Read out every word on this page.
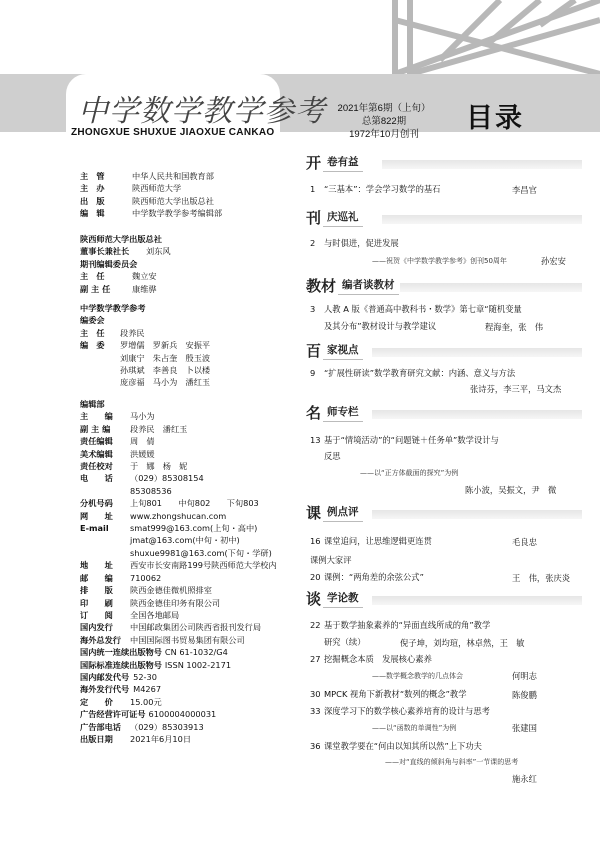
中学数学教学参考
ZHONGXUE SHUXUE JIAOXUE CANKAO
2021年第6期（上旬）
总第822期
1972年10月创刊
目录
主　管	中华人民共和国教育部
主　办	陕西师范大学
出　版	陕西师范大学出版总社
编　辑	中学数学教学参考编辑部
陕西师范大学出版总社
董事长兼社长	刘东风
期刊编辑委员会
主　任	魏立安
副 主 任	康维骅
中学数学教学参考
编委会
主　任	段养民
编　委	罗增儒　罗新兵　安振平
刘康宁　朱占奎　殷玉波
孙琪斌　李善良　卜以楼
庞彦福　马小为　潘红玉
编辑部
主　　编	马小为
副 主 编	段养民　潘红玉
责任编辑	周　倩
美术编辑	洪媛媛
责任校对	于　娜　杨　妮
电　　话	（029）85308154
85308536
分机号码	上旬801　　中旬802　　下旬803
网　　址	www.zhongshucan.com
E-mail	smat999@163.com(上旬・高中)
jmat@163.com(中旬・初中)
shuxue9981@163.com(下旬・学研)
地　　址	西安市长安南路199号陕西师范大学校内
邮　　编	710062
排　　版	陕西金德佳微机照排室
印　　刷	陕西金德佳印务有限公司
订　　阅	全国各地邮局
国内发行	中国邮政集团公司陕西省报刊发行局
海外总发行	中国国际图书贸易集团有限公司
国内统一连续出版物号 CN 61-1032/G4
国际标准连续出版物号 ISSN 1002-2171
国内邮发代号 52-30
海外发行代号 M4267
定　　价	15.00元
广告经营许可证号 6100004000031
广告部电话	（029）85303913
出版日期	2021年6月10日
开 卷有益
刊 庆巡礼
教材 编者谈教材
百 家视点
名 师专栏
课 例点评
谈 学论教
1 “三基本”：学会学习数学的基石	李昌官
2 与时俱进，促进发展
——祝贺《中学数学教学参考》创刊50周年	孙宏安
3 人教 A 版《普通高中教科书・数学》第七章“随机变量
及其分布”教材设计与教学建议	程海奎，张　伟
9 “扩展性研读”数学教育研究文献：内涵、意义与方法
张诗芬，李三平，马文杰
13 基于“情境活动”的“问题链＋任务单”数学设计与
反思
——以“正方体截面的探究”为例
陈小波，吴振文，尹　微
16 课堂追问，让思维逻辑更连贯	毛良忠
课例大家评
20 课例：“两角差的余弦公式”	王　伟，张庆炎
22 基于数学抽象素养的“异面直线所成的角”教学
研究（续）	倪子坤，刘均瑄，林卓然，王　敏
27 挖掘概念本质　发展核心素养
——数学概念教学的几点体会	何明志
30 MPCK 视角下新教材“数列的概念”教学	陈俊鹏
33 深度学习下的数学核心素养培育的设计与思考
——以“函数的单调性”为例	张建国
36 课堂教学要在“何由以知其所以然”上下功夫
——对“直线的倾斜角与斜率”一节课的思考
施永红
